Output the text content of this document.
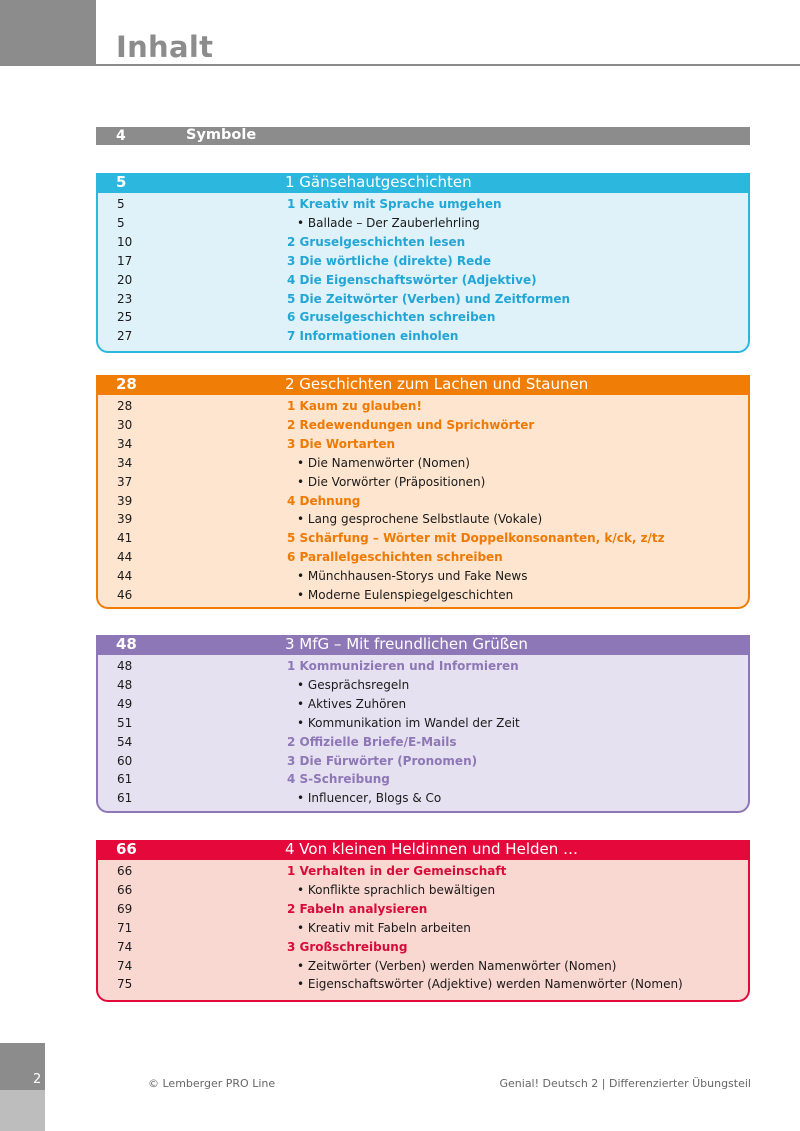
Inhalt
4	Symbole
5	1 Gänsehautgeschichten
5	1 Kreativ mit Sprache umgehen
5	• Ballade – Der Zauberlehrling
10	2 Gruselgeschichten lesen
17	3 Die wörtliche (direkte) Rede
20	4 Die Eigenschaftswörter (Adjektive)
23	5 Die Zeitwörter (Verben) und Zeitformen
25	6 Gruselgeschichten schreiben
27	7 Informationen einholen
28	2 Geschichten zum Lachen und Staunen
28	1 Kaum zu glauben!
30	2 Redewendungen und Sprichwörter
34	3 Die Wortarten
34	• Die Namenwörter (Nomen)
37	• Die Vorwörter (Präpositionen)
39	4 Dehnung
39	• Lang gesprochene Selbstlaute (Vokale)
41	5 Schärfung – Wörter mit Doppelkonsonanten, k/ck, z/tz
44	6 Parallelgeschichten schreiben
44	• Münchhausen-Storys und Fake News
46	• Moderne Eulenspiegelgeschichten
48	3 MfG – Mit freundlichen Grüßen
48	1 Kommunizieren und Informieren
48	• Gesprächsregeln
49	• Aktives Zuhören
51	• Kommunikation im Wandel der Zeit
54	2 Offizielle Briefe/E-Mails
60	3 Die Fürwörter (Pronomen)
61	4 S-Schreibung
61	• Influencer, Blogs & Co
66	4 Von kleinen Heldinnen und Helden …
66	1 Verhalten in der Gemeinschaft
66	• Konflikte sprachlich bewältigen
69	2 Fabeln analysieren
71	• Kreativ mit Fabeln arbeiten
74	3 Großschreibung
74	• Zeitwörter (Verben) werden Namenwörter (Nomen)
75	• Eigenschaftswörter (Adjektive) werden Namenwörter (Nomen)
2	© Lemberger PRO Line	Genial! Deutsch 2 | Differenzierter Übungsteil
